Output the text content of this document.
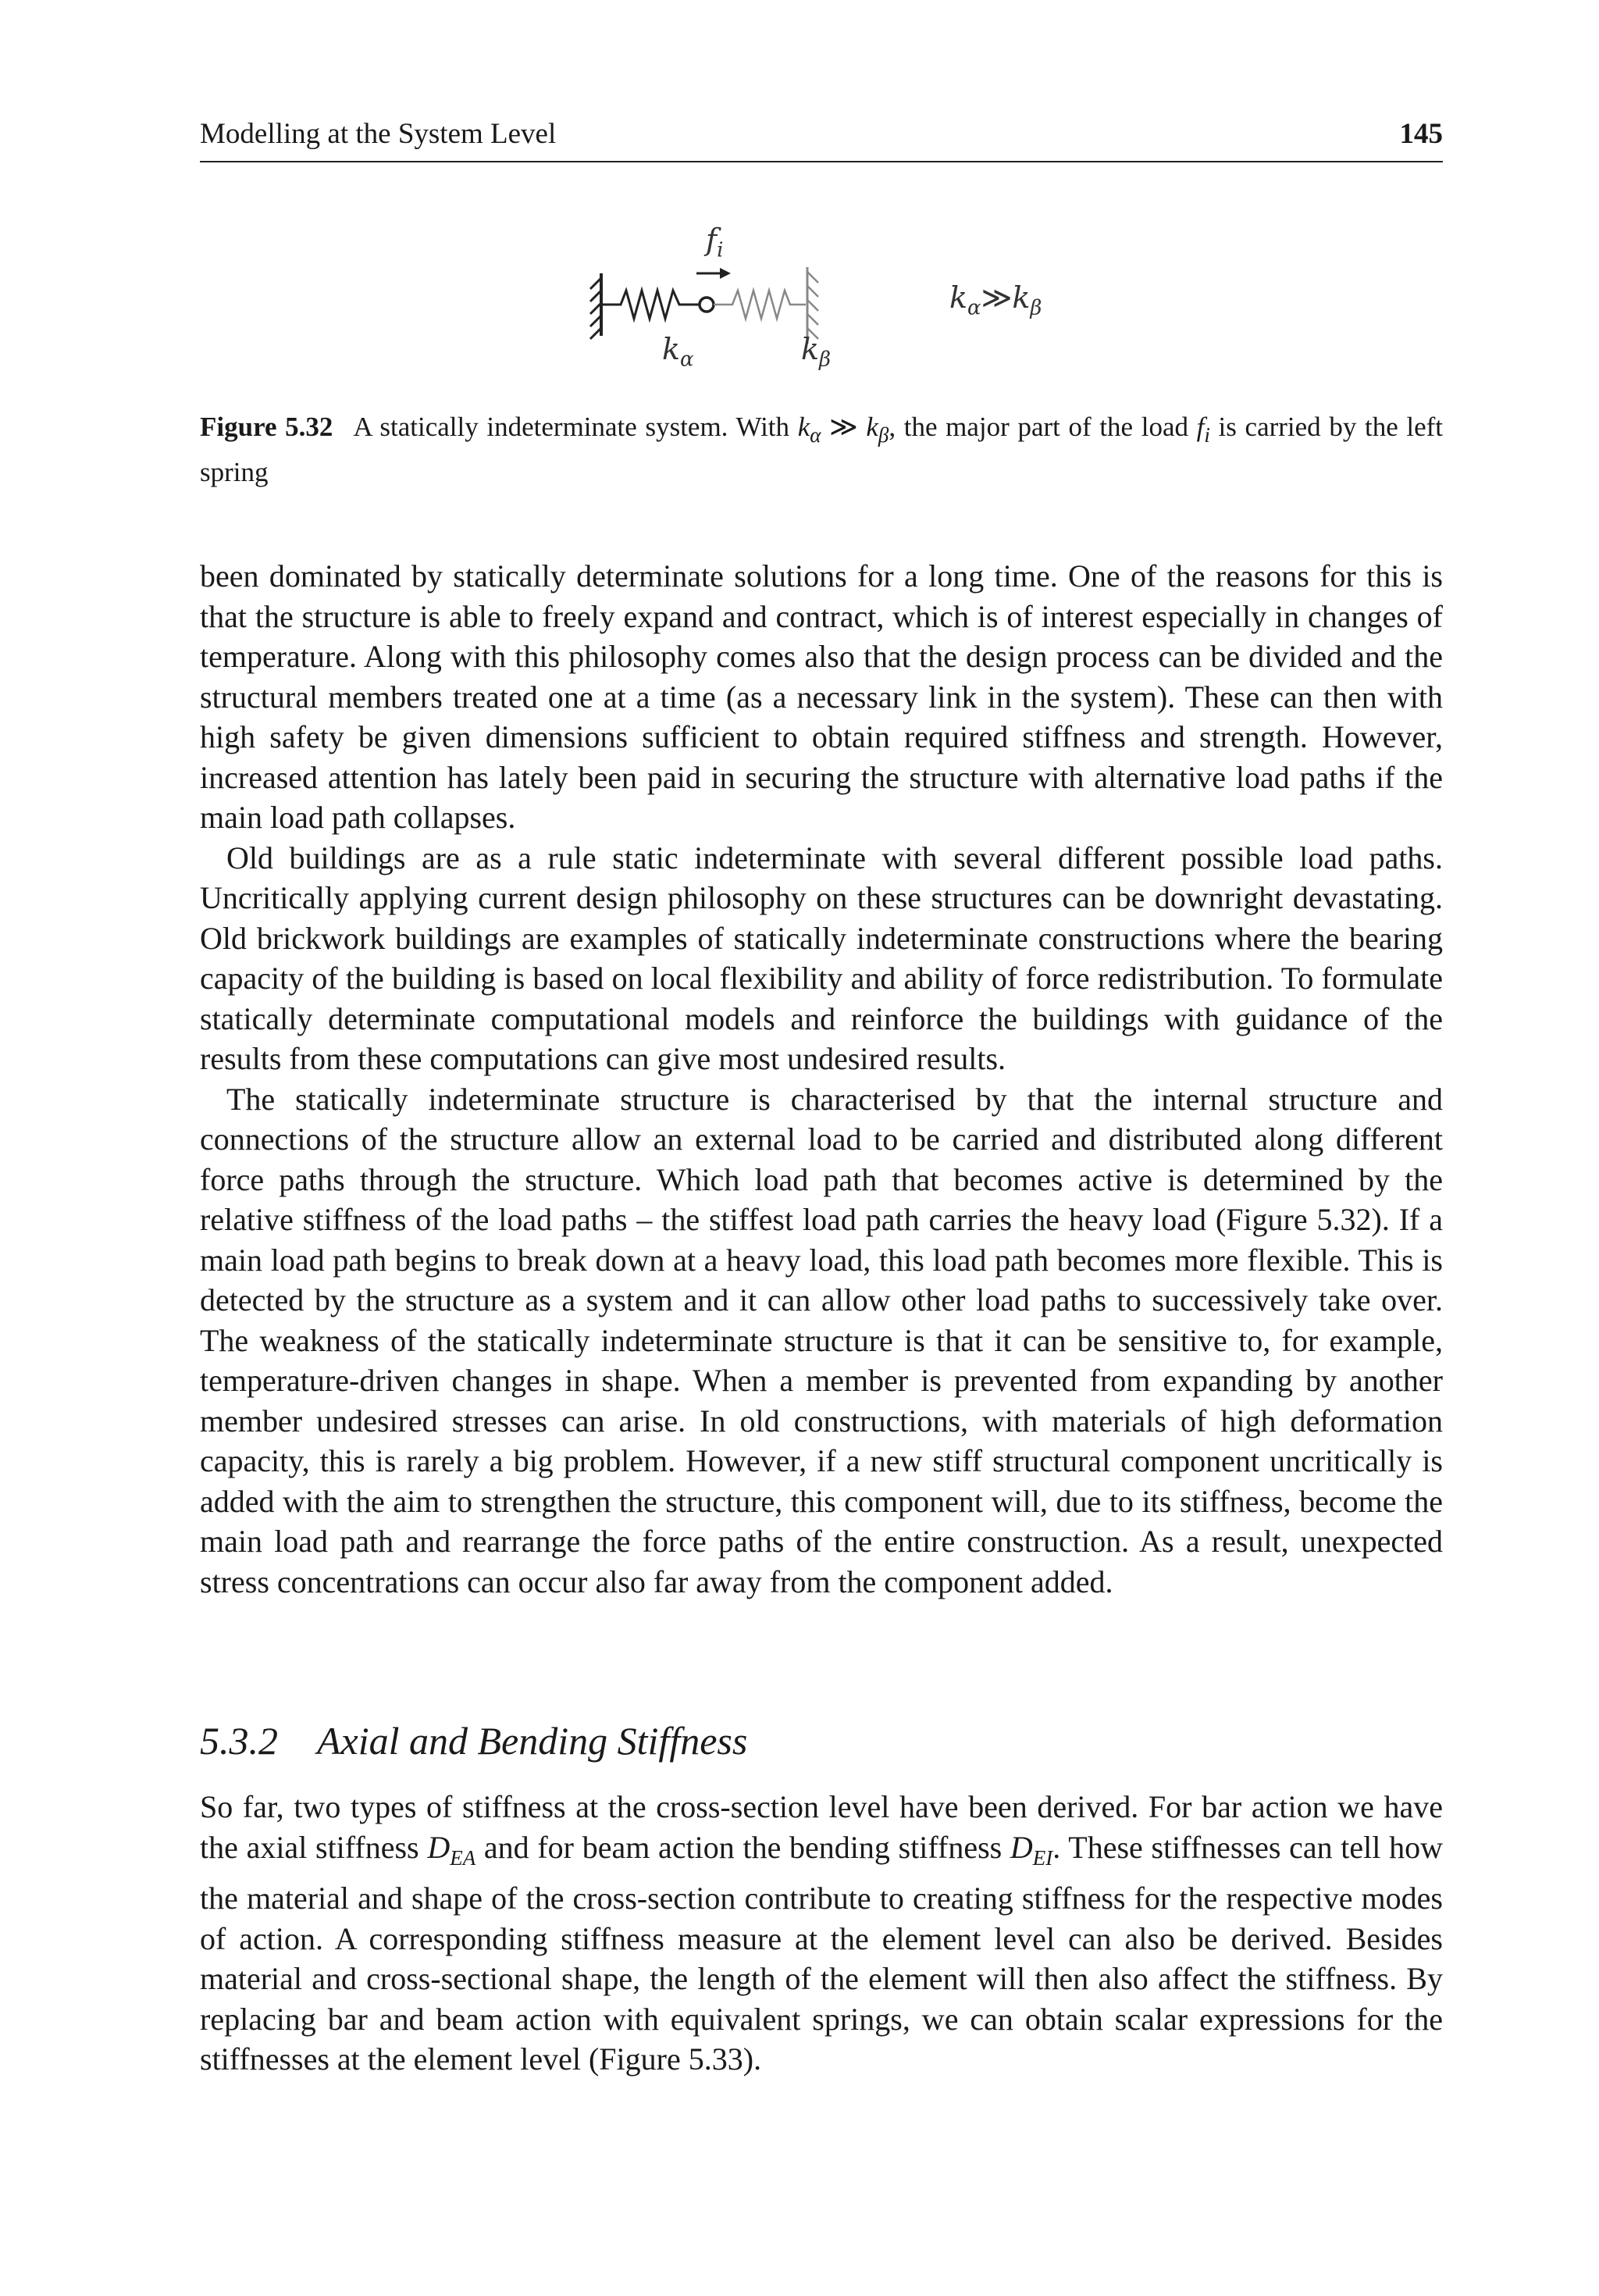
Modelling at the System Level	145
$f_i$
$k_\alpha$	$k_\beta$
$k_\alpha≫k_\beta$
Figure 5.32 A statically indeterminate system. With $k_\alpha$ ≫ $k_\beta$, the major part of the load $f_i$ is carried by the left spring

been dominated by statically determinate solutions for a long time. One of the reasons for this is that the structure is able to freely expand and contract, which is of interest especially in changes of temperature. Along with this philosophy comes also that the design process can be divided and the structural members treated one at a time (as a necessary link in the system). These can then with high safety be given dimensions sufficient to obtain required stiffness and strength. However, increased attention has lately been paid in securing the structure with alternative load paths if the main load path collapses.

Old buildings are as a rule static indeterminate with several different possible load paths. Uncritically applying current design philosophy on these structures can be downright devastating. Old brickwork buildings are examples of statically indeterminate constructions where the bearing capacity of the building is based on local flexibility and ability of force redistribution. To formulate statically determinate computational models and reinforce the buildings with guidance of the results from these computations can give most undesired results.

The statically indeterminate structure is characterised by that the internal structure and connections of the structure allow an external load to be carried and distributed along different force paths through the structure. Which load path that becomes active is determined by the relative stiffness of the load paths – the stiffest load path carries the heavy load (Figure 5.32). If a main load path begins to break down at a heavy load, this load path becomes more flexible. This is detected by the structure as a system and it can allow other load paths to successively take over. The weakness of the statically indeterminate structure is that it can be sensitive to, for example, temperature-driven changes in shape. When a member is prevented from expanding by another member undesired stresses can arise. In old constructions, with materials of high deformation capacity, this is rarely a big problem. However, if a new stiff structural component uncritically is added with the aim to strengthen the structure, this component will, due to its stiffness, become the main load path and rearrange the force paths of the entire construction. As a result, unexpected stress concentrations can occur also far away from the component added.

5.3.2 Axial and Bending Stiffness

So far, two types of stiffness at the cross-section level have been derived. For bar action we have the axial stiffness $D_{EA}$ and for beam action the bending stiffness $D_{EI}$. These stiffnesses can tell how the material and shape of the cross-section contribute to creating stiffness for the respective modes of action. A corresponding stiffness measure at the element level can also be derived. Besides material and cross-sectional shape, the length of the element will then also affect the stiffness. By replacing bar and beam action with equivalent springs, we can obtain scalar expressions for the stiffnesses at the element level (Figure 5.33).
